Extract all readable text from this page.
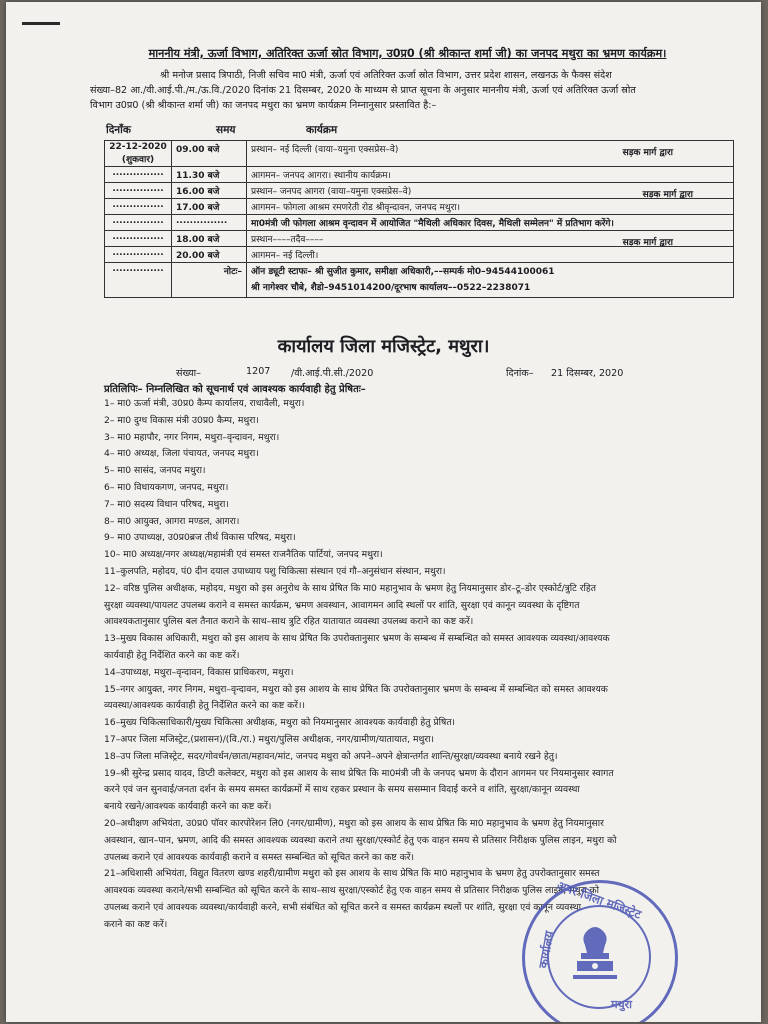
माननीय मंत्री, ऊर्जा विभाग, अतिरिक्त ऊर्जा स्रोत विभाग, उ0प्र0 (श्री श्रीकान्त शर्मा जी) का जनपद मथुरा का भ्रमण कार्यक्रम।

श्री मनोज प्रसाद त्रिपाठी, निजी सचिव मा0 मंत्री, ऊर्जा एवं अतिरिक्त ऊर्जा स्रोत विभाग, उत्तर प्रदेश शासन, लखनऊ के फैक्स संदेश

संख्या–82 आ./वी.आई.पी./म./ऊ.वि./2020 दिनांक 21 दिसम्बर, 2020 के माध्यम से प्राप्त सूचना के अनुसार माननीय मंत्री, ऊर्जा एवं अतिरिक्त ऊर्जा स्रोत
विभाग उ0प्र0 (श्री श्रीकान्त शर्मा जी) का जनपद मथुरा का भ्रमण कार्यक्रम निम्नानुसार प्रस्तावित है:–
दिनाँक	समय	कार्यक्रम
22-12-2020 (शुकवार)	09.00 बजे	प्रस्थान– नई दिल्ली (वाया–यमुना एक्सप्रेस–वे) सड़क मार्ग द्वारा

...............	11.30 बजे	आगमन– जनपद आगरा। स्थानीय कार्यक्रम।
...............	16.00 बजे	प्रस्थान– जनपद आगरा (वाया–यमुना एक्सप्रेस–वे) सड़क मार्ग द्वारा

...............	17.00 बजे	आगमन– फोगला आश्रम रमणरेती रोड श्रीवृन्दावन, जनपद मथुरा।
...............	...............	मा0मंत्री जी फोगला आश्रम वृन्दावन में आयोजित "मैथिली अधिकार दिवस, मैथिली सम्मेलन" में प्रतिभाग करेंगे।
...............	18.00 बजे	प्रस्थान––––तदैव–––– सड़क मार्ग द्वारा

...............	20.00 बजे	आगमन– नई दिल्ली।
...............	नोटः–	ऑन ड्यूटी स्टाफः– श्री सुजीत कुमार, समीक्षा अधिकारी,––सम्पर्क मो0–94544100061
श्री नागेश्वर चौबे, शैडो–9451014200/दूरभाष कार्यालय––0522–2238071
कार्यालय जिला मजिस्ट्रेट, मथुरा।
संख्या–	1207 /वी.आई.पी.सी./2020	दिनांक– 21 दिसम्बर, 2020
प्रतिलिपिः– निम्नलिखित को सूचनार्थ एवं आवश्यक कार्यवाही हेतु प्रेषितः–

1– मा0 ऊर्जा मंत्री, उ0प्र0 कैम्प कार्यालय, राधावैली, मथुरा।

2– मा0 दुग्ध विकास मंत्री उ0प्र0 कैम्प, मथुरा।

3– मा0 महापौर, नगर निगम, मथुरा–वृन्दावन, मथुरा।

4– मा0 अध्यक्ष, जिला पंचायत, जनपद मथुरा।

5– मा0 सासंद, जनपद मथुरा।

6– मा0 विधायकगण, जनपद, मथुरा।

7– मा0 सदस्य विधान परिषद, मथुरा।

8– मा0 आयुक्त, आगरा मण्डल, आगरा।

9– मा0 उपाध्यक्ष, उ0प्र0ब्रज तीर्थ विकास परिषद, मथुरा।

10– मा0 अध्यक्ष/नगर अध्यक्ष/महामंत्री एवं समस्त राजनैतिक पार्टियां, जनपद मथुरा।

11–कुलपति, महोदय, पं0 दीन दयाल उपाध्याय पशु चिकित्सा संस्थान एवं गौ–अनुसंधान संस्थान, मथुरा।

12– वरिष्ठ पुलिस अधीक्षक, महोदय, मथुरा को इस अनुरोध के साथ प्रेषित कि मा0 महानुभाव के भ्रमण हेतु नियमानुसार डोर–टू–डोर एस्कोर्ट/त्रुटि रहित

सुरक्षा व्यवस्था/पायलट उपलब्ध कराने व समस्त कार्यक्रम, भ्रमण अवस्थान, आवागमन आदि स्थलों पर शांति, सुरक्षा एवं कानून व्यवस्था के दृष्टिगत

आवश्यकतानुसार पुलिस बल तैनात कराने के साथ–साथ त्रुटि रहित यातायात व्यवस्था उपलब्ध कराने का कष्ट करें।

13–मुख्य विकास अधिकारी, मथुरा को इस आशय के साथ प्रेषित कि उपरोक्तानुसार भ्रमण के सम्बन्ध में सम्बन्धित को समस्त आवश्यक व्यवस्था/आवश्यक

कार्यवाही हेतु निर्देशित करने का कष्ट करें।

14–उपाध्यक्ष, मथुरा–वृन्दावन, विकास प्राधिकरण, मथुरा।

15–नगर आयुक्त, नगर निगम, मथुरा–वृन्दावन, मथुरा को इस आशय के साथ प्रेषित कि उपरोक्तानुसार भ्रमण के सम्बन्ध में सम्बन्धित को समस्त आवश्यक

व्यवस्था/आवश्यक कार्यवाही हेतु निर्देशित करने का कष्ट करें।।

16–मुख्य चिकित्साधिकारी/मुख्य चिकित्सा अधीक्षक, मथुरा को नियमानुसार आवश्यक कार्यवाही हेतु प्रेषित।

17–अपर जिला मजिस्ट्रेट,(प्रशासन)/(वि./रा.) मथुरा/पुलिस अधीक्षक, नगर/ग्रामीण/यातायात, मथुरा।

18–उप जिला मजिस्ट्रेट, सदर/गोवर्धन/छाता/महावन/मांट, जनपद मथुरा को अपने–अपने क्षेत्रान्तर्गत शान्ति/सुरक्षा/व्यवस्था बनाये रखने हेतु।

19–श्री सुरेन्द्र प्रसाद यादव, डिप्टी कलेक्टर, मथुरा को इस आशय के साथ प्रेषित कि मा0मंत्री जी के जनपद भ्रमण के दौरान आगमन पर नियमानुसार स्वागत

करने एवं जन सुनवाई/जनता दर्शन के समय समस्त कार्यक्रमों में साथ रहकर प्रस्थान के समय ससम्मान विदाई करने व शांति, सुरक्षा/कानून व्यवस्था

बनाये रखने/आवश्यक कार्यवाही करने का कष्ट करें।

20–अधीक्षण अभियंता, उ0प्र0 पॉवर कारपोरेशन लि0 (नगर/ग्रामीण), मथुरा को इस आशय के साथ प्रेषित कि मा0 महानुभाव के भ्रमण हेतु नियमानुसार

अवस्थान, खान–पान, भ्रमण, आदि की समस्त आवश्यक व्यवस्था कराने तथा सुरक्षा/एस्कोर्ट हेतु एक वाहन समय से प्रतिसार निरीक्षक पुलिस लाइन, मथुरा को

उपलब्ध कराने एवं आवश्यक कार्यवाही कराने व समस्त सम्बन्धित को सूचित करने का कष्ट करें।

21–अधिशासी अभियंता, विद्युत वितरण खण्ड शहरी/ग्रामीण मथुरा को इस आशय के साथ प्रेषित कि मा0 महानुभाव के भ्रमण हेतु उपरोक्तानुसार समस्त

आवश्यक व्यवस्था कराने/सभी सम्बन्धित को सूचित करने के साथ–साथ सुरक्षा/एस्कोर्ट हेतु एक वाहन समय से प्रतिसार निरीक्षक पुलिस लाइन, मथुरा को

उपलब्ध कराने एवं आवश्यक व्यवस्था/कार्यवाही करने, सभी संबंधित को सूचित करने व समस्त कार्यक्रम स्थलों पर शांति, सुरक्षा एवं कानून व्यवस्था

कराने का कष्ट करें।

अपर जिला मजिस्ट्रेट
कार्यालय
मथुरा
